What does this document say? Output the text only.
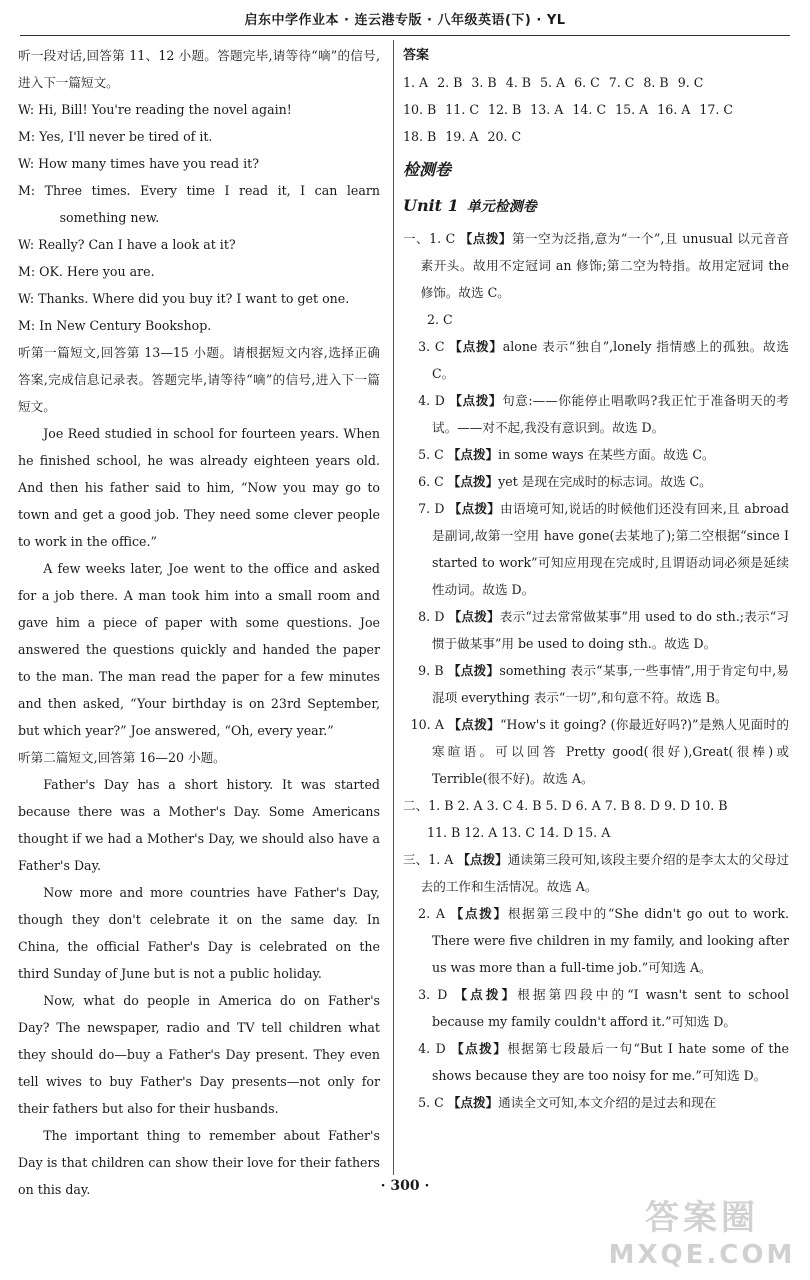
启东中学作业本 · 连云港专版 · 八年级英语(下) · YL

听一段对话,回答第 11、12 小题。答题完毕,请等待“嘀”的信号,进入下一篇短文。

W: Hi, Bill! You're reading the novel again!

M: Yes, I'll never be tired of it.

W: How many times have you read it?

M: Three times. Every time I read it, I can learn something new.

W: Really? Can I have a look at it?

M: OK. Here you are.

W: Thanks. Where did you buy it? I want to get one.

M: In New Century Bookshop.

听第一篇短文,回答第 13—15 小题。请根据短文内容,选择正确答案,完成信息记录表。答题完毕,请等待“嘀”的信号,进入下一篇短文。

Joe Reed studied in school for fourteen years. When he finished school, he was already eighteen years old. And then his father said to him, “Now you may go to town and get a good job. They need some clever people to work in the office.”

A few weeks later, Joe went to the office and asked for a job there. A man took him into a small room and gave him a piece of paper with some questions. Joe answered the questions quickly and handed the paper to the man. The man read the paper for a few minutes and then asked, “Your birthday is on 23rd September, but which year?” Joe answered, “Oh, every year.”

听第二篇短文,回答第 16—20 小题。

Father's Day has a short history. It was started because there was a Mother's Day. Some Americans thought if we had a Mother's Day, we should also have a Father's Day.

Now more and more countries have Father's Day, though they don't celebrate it on the same day. In China, the official Father's Day is celebrated on the third Sunday of June but is not a public holiday.

Now, what do people in America do on Father's Day? The newspaper, radio and TV tell children what they should do—buy a Father's Day present. They even tell wives to buy Father's Day presents—not only for their fathers but also for their husbands.

The important thing to remember about Father's Day is that children can show their love for their fathers on this day.

答案
1. A 2. B 3. B 4. B 5. A 6. C 7. C 8. B 9. C
10. B 11. C 12. B 13. A 14. C 15. A 16. A 17. C
18. B 19. A 20. C
检测卷
Unit 1 单元检测卷

一、1. C 【点拨】第一空为泛指,意为“一个”,且 unusual 以元音音素开头。故用不定冠词 an 修饰;第二空为特指。故用定冠词 the 修饰。故选 C。

2. C

3. C 【点拨】alone 表示“独自”,lonely 指情感上的孤独。故选 C。

4. D 【点拨】句意:——你能停止唱歌吗?我正忙于准备明天的考试。——对不起,我没有意识到。故选 D。

5. C 【点拨】in some ways 在某些方面。故选 C。

6. C 【点拨】yet 是现在完成时的标志词。故选 C。

7. D 【点拨】由语境可知,说话的时候他们还没有回来,且 abroad 是副词,故第一空用 have gone(去某地了);第二空根据“since I started to work”可知应用现在完成时,且谓语动词必须是延续性动词。故选 D。

8. D 【点拨】表示“过去常常做某事”用 used to do sth.;表示“习惯于做某事”用 be used to doing sth.。故选 D。

9. B 【点拨】something 表示“某事,一些事情”,用于肯定句中,易混项 everything 表示“一切”,和句意不符。故选 B。

10. A 【点拨】“How's it going? (你最近好吗?)”是熟人见面时的寒暄语。可以回答 Pretty good(很好),Great(很棒)或 Terrible(很不好)。故选 A。

二、1. B 2. A 3. C 4. B 5. D 6. A 7. B 8. D 9. D 10. B

11. B 12. A 13. C 14. D 15. A

三、1. A 【点拨】通读第三段可知,该段主要介绍的是李太太的父母过去的工作和生活情况。故选 A。

2. A 【点拨】根据第三段中的“She didn't go out to work. There were five children in my family, and looking after us was more than a full-time job.”可知选 A。

3. D 【点拨】根据第四段中的“I wasn't sent to school because my family couldn't afford it.”可知选 D。

4. D 【点拨】根据第七段最后一句“But I hate some of the shows because they are too noisy for me.”可知选 D。

5. C 【点拨】通读全文可知,本文介绍的是过去和现在

· 300 ·
答案圈
MXQE.COM
